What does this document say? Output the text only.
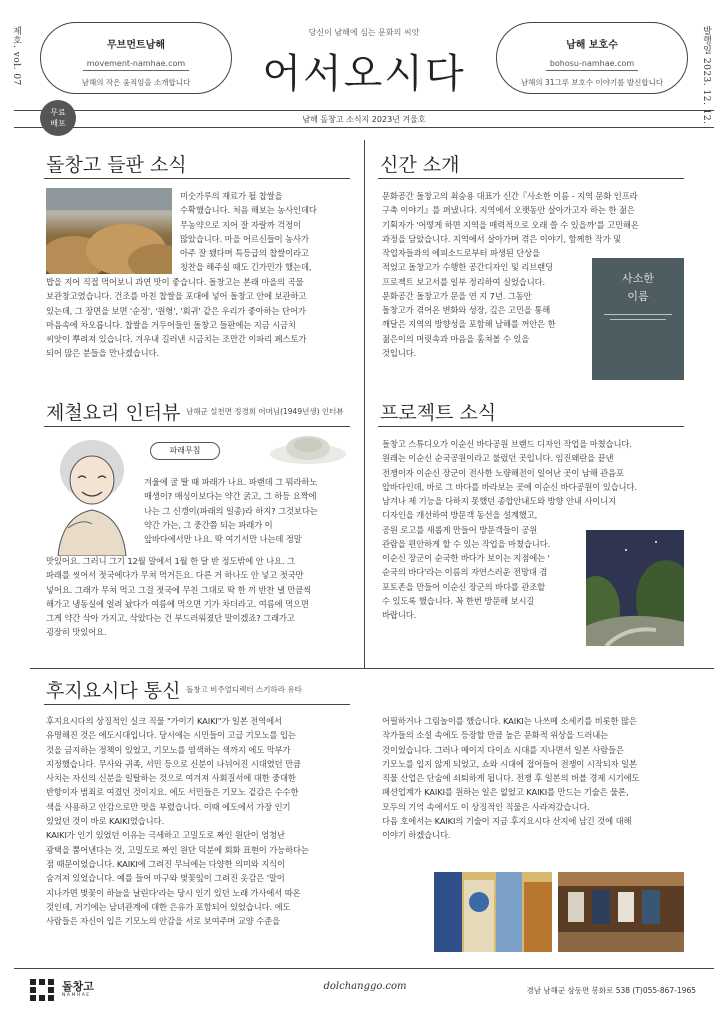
제호. vol. 07	발행일 2023. 12. 12.
무브먼트남해
movement-namhae.com
남해의 작은 움직임을 소개합니다
남해 보호수
bohosu-namhae.com
남해의 31그루 보호수 이야기를 발신합니다
당신이 남해에 심는 문화의 씨앗
어서오시다
남해 돌창고 소식지 2023년 겨울호
무료
배포
돌창고 들판 소식

미숫가루의 재료가 될 찹쌀을

수확했습니다. 처음 해보는 농사인데다

무농약으로 지어 잘 자랄까 걱정이

많았습니다. 마을 어르신들이 농사가

아주 잘 됐다며 특등급의 찹쌀이라고

칭찬을 해주실 때도 긴가민가 했는데,

밥을 지어 직접 먹어보니 과연 맛이 좋습니다. 돌창고는 본래 마을의 곡물

보관창고였습니다. 건조를 마친 찹쌀을 포대에 넣어 돌창고 안에 보관하고

있는데, 그 장면을 보면 '순정', '원형', '회귀' 같은 우리가 좋아하는 단어가

마음속에 차오릅니다. 찹쌀을 거두어들인 돌창고 들판에는 지금 시금치

씨앗이 뿌려져 있습니다. 겨우내 길러낸 시금치는 조만간 이파리 페스토가

되어 많은 분들을 만나겠습니다.

신간 소개

문화공간 돌창고의 최승용 대표가 신간『사소한 이름 - 지역 문화 인프라

구축 이야기』를 펴냈니다. 지역에서 오랫동안 살아가고자 하는 한 젊은

기획자가 '어떻게 하면 지역을 매력적으로 오래 쓸 수 있을까'를 고민해온

과정을 담았습니다. 지역에서 살아가며 겪은 이야기, 함께한 작가 및

작업자들과의 에피소드로부터 파생된 단상을

적었고 돌창고가 수행한 공간디자인 및 리브랜딩

프로젝트 보고서를 일부 정리하여 실었습니다.

문화공간 돌창고가 문을 연 지 7년. 그동안

돌창고가 겪어온 변화와 성장, 깊은 고민을 통해

깨달은 지역의 방향성을 포함해 남해를 꺼안은 한

젊은이의 머릿속과 마음을 훔쳐볼 수 있을

것입니다.

사소한
이름
제철요리 인터뷰 남해군 설천면 정경희 어머님(1949년생) 인터뷰
파래무침

겨울에 굴 딸 때 파래가 나요. 파랜데 그 뭐라하노

매생이? 매싱이보다는 약간 굵고, 그 하등 요짝에

나는 그 신갱이(파래의 일종)라 하지? 그것보다는

약간 가는, 그 중간쯤 되는 파래가 이

앞바다에서만 나요. 딱 여기서만 나는데 정말

맛있어요. 그러니 그기 12월 말에서 1월 한 달 반 정도밖에 안 나요. 그

파래를 씻어서 젓국에다가 무쳐 먹거든요. 다른 거 하나도 안 넣고 젓국만

넣어요. 그래가 무쳐 먹고 그걸 젓국에 무친 그대로 딱 한 끼 반찬 낼 만큼씩

해가고 냉동실에 얼려 놨다가 여름에 먹으면 기가 차더라고. 여름에 먹으면

그게 약간 삭아 가지고, 삭았다는 건 부드러워졌단 말이겠죠? 그래가고

굉장히 맛있어요.

프로젝트 소식

돌창고 스튜디오가 이순신 바다공원 브랜드 디자인 작업을 마쳤습니다.

원래는 이순신 순국공원이라고 불렀던 곳입니다. 임진왜란을 끝낸

전쟁이자 이순신 장군이 전사한 노량해전이 일어난 곳이 남해 관음포

앞바다인데, 바로 그 바다를 바라보는 곳에 이순신 바다공원이 있습니다.

남겨나 제 기능을 다하지 못했던 종합안내도와 방향 안내 사이니지

디자인을 개선하여 방문객 동선을 설계했고,

공원 로고를 새롭게 만들어 방문객들이 공원

관람을 편안하게 할 수 있는 작업을 마쳤습니다.

이순신 장군이 순국한 바다가 보이는 지점에는 '

순국의 바다'라는 이름의 자연스러운 전망대 겸

포토존을 만들어 이순신 장군의 바다를 관조할

수 있도록 했습니다. 꼭 한번 방문해 보시길

바랍니다.

후지요시다 통신 돌창고 비주얼디렉터 스기하라 유타

후지요시다의 상징적인 실크 직물 "가이기 KAIKI"가 일본 전역에서

유명해진 것은 에도시대입니다. 당시에는 시민들이 고급 기모노를 입는

것을 금지하는 정책이 있었고, 기모노를 염색하는 색까지 에도 막부가

지정했습니다. 무사와 귀족, 서민 등으로 신분이 나뉘어진 시대였던 만큼

사치는 자신의 신분을 일탈하는 것으로 여겨져 사회질서에 대한 중대한

반항이자 범죄로 여겼던 것이지요. 에도 서민들은 기모노 겉감은 수수한

색을 사용하고 안감으로만 멋을 부렸습니다. 이때 에도에서 가장 인기

있었던 것이 바로 KAIKI였습니다.

KAIKI가 인기 있었던 이유는 극세하고 고밀도로 짜인 원단이 엄청난

광택을 뿜어낸다는 것, 고밀도로 짜인 원단 덕분에 회화 표현이 가능하다는

점 때문이었습니다. KAIKI에 그려진 무늬에는 다양한 의미와 지식이

숨겨져 있었습니다. 예를 들어 마구와 벚꽃잎이 그려진 옷감은 '말이

지나가면 벚꽃이 하늘을 날린다'라는 당시 인기 있던 노래 가사에서 따온

것인데, 거기에는 남녀관계에 대한 은유가 포함되어 있었습니다. 에도

사람들은 자신이 입은 기모노의 안감을 서로 보여주며 교양 수준을

어필하거나 그림놀이를 했습니다. KAIKI는 나쓰메 소세키를 비롯한 많은

작가들의 소설 속에도 등장할 만큼 높은 문화적 위상을 드러내는

것이었습니다. 그러나 메이지 다이쇼 시대를 지나면서 일본 사람들은

기모노를 입지 않게 되었고, 쇼와 시대에 접어들어 전쟁이 시작되자 일본

직물 산업은 단숨에 쇠퇴하게 됩니다. 전쟁 후 일본의 버블 경제 시기에도

패션업계가 KAIKI를 원하는 일은 없었고 KAIKI를 만드는 기술은 물론,

모두의 기억 속에서도 이 상징적인 직물은 사라져갔습니다.

다음 호에서는 KAIKI의 기술이 지금 후지요시다 산지에 남긴 것에 대해

이야기 하겠습니다.

돌창고
NAMHAE
dolchanggo.com	경남 남해군 삼동면 봉화로 538 (T)055-867-1965
